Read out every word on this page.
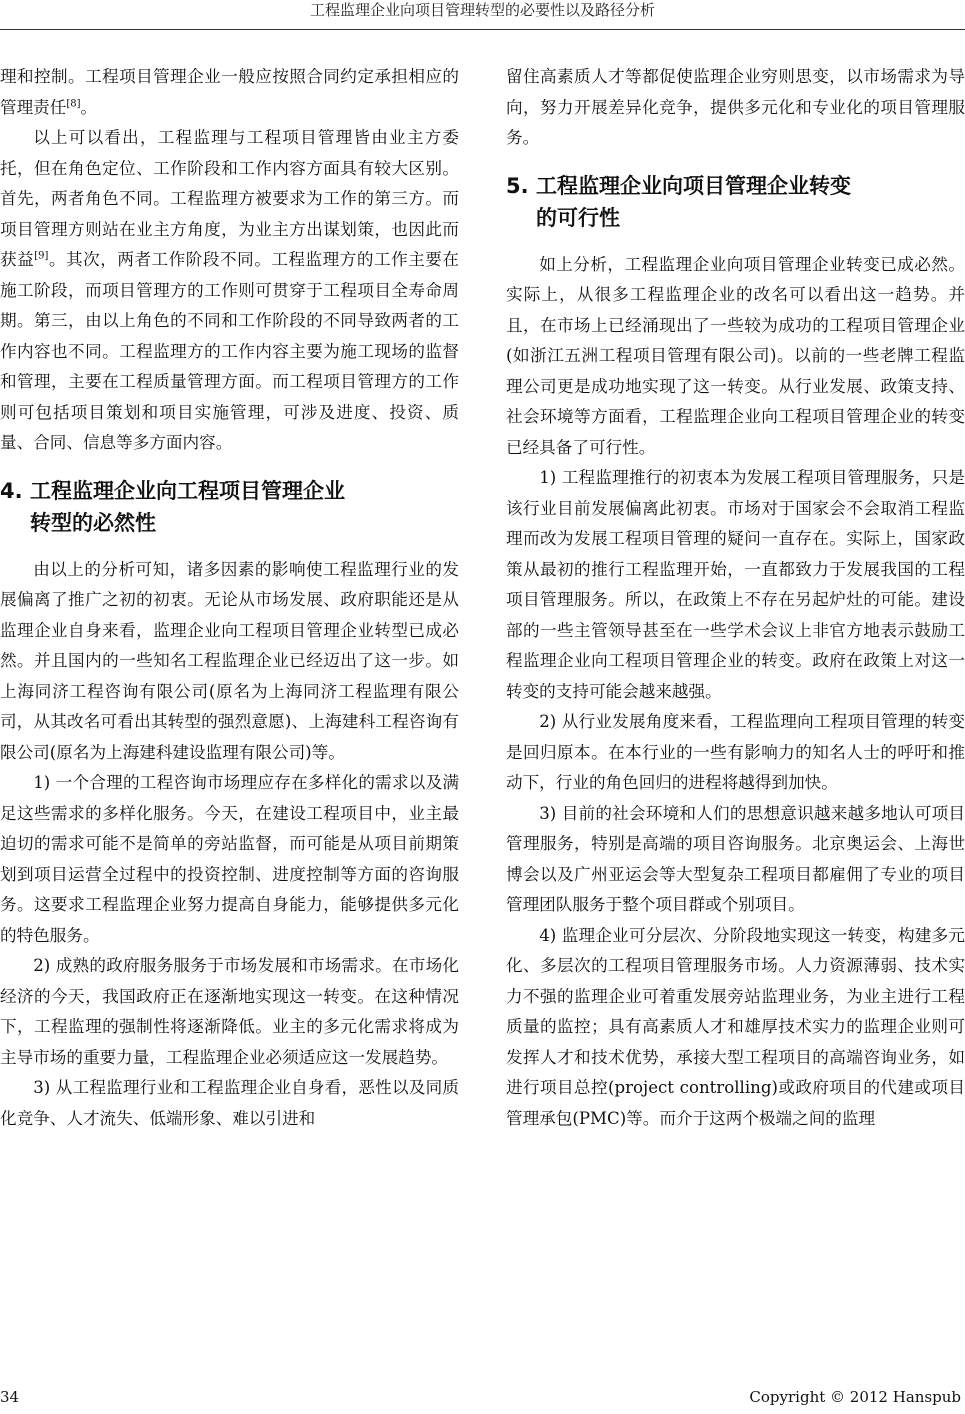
工程监理企业向项目管理转型的必要性以及路径分析

理和控制。工程项目管理企业一般应按照合同约定承担相应的管理责任[8]。

以上可以看出，工程监理与工程项目管理皆由业主方委托，但在角色定位、工作阶段和工作内容方面具有较大区别。首先，两者角色不同。工程监理方被要求为工作的第三方。而项目管理方则站在业主方角度，为业主方出谋划策，也因此而获益[9]。其次，两者工作阶段不同。工程监理方的工作主要在施工阶段，而项目管理方的工作则可贯穿于工程项目全寿命周期。第三，由以上角色的不同和工作阶段的不同导致两者的工作内容也不同。工程监理方的工作内容主要为施工现场的监督和管理，主要在工程质量管理方面。而工程项目管理方的工作则可包括项目策划和项目实施管理，可涉及进度、投资、质量、合同、信息等多方面内容。

4. 工程监理企业向工程项目管理企业
转型的必然性

由以上的分析可知，诸多因素的影响使工程监理行业的发展偏离了推广之初的初衷。无论从市场发展、政府职能还是从监理企业自身来看，监理企业向工程项目管理企业转型已成必然。并且国内的一些知名工程监理企业已经迈出了这一步。如上海同济工程咨询有限公司(原名为上海同济工程监理有限公司，从其改名可看出其转型的强烈意愿)、上海建科工程咨询有限公司(原名为上海建科建设监理有限公司)等。

1) 一个合理的工程咨询市场理应存在多样化的需求以及满足这些需求的多样化服务。今天，在建设工程项目中，业主最迫切的需求可能不是简单的旁站监督，而可能是从项目前期策划到项目运营全过程中的投资控制、进度控制等方面的咨询服务。这要求工程监理企业努力提高自身能力，能够提供多元化的特色服务。

2) 成熟的政府服务服务于市场发展和市场需求。在市场化经济的今天，我国政府正在逐渐地实现这一转变。在这种情况下，工程监理的强制性将逐渐降低。业主的多元化需求将成为主导市场的重要力量，工程监理企业必须适应这一发展趋势。

3) 从工程监理行业和工程监理企业自身看，恶性以及同质化竞争、人才流失、低端形象、难以引进和

留住高素质人才等都促使监理企业穷则思变，以市场需求为导向，努力开展差异化竞争，提供多元化和专业化的项目管理服务。

5. 工程监理企业向项目管理企业转变
的可行性

如上分析，工程监理企业向项目管理企业转变已成必然。实际上，从很多工程监理企业的改名可以看出这一趋势。并且，在市场上已经涌现出了一些较为成功的工程项目管理企业(如浙江五洲工程项目管理有限公司)。以前的一些老牌工程监理公司更是成功地实现了这一转变。从行业发展、政策支持、社会环境等方面看，工程监理企业向工程项目管理企业的转变已经具备了可行性。

1) 工程监理推行的初衷本为发展工程项目管理服务，只是该行业目前发展偏离此初衷。市场对于国家会不会取消工程监理而改为发展工程项目管理的疑问一直存在。实际上，国家政策从最初的推行工程监理开始，一直都致力于发展我国的工程项目管理服务。所以，在政策上不存在另起炉灶的可能。建设部的一些主管领导甚至在一些学术会议上非官方地表示鼓励工程监理企业向工程项目管理企业的转变。政府在政策上对这一转变的支持可能会越来越强。

2) 从行业发展角度来看，工程监理向工程项目管理的转变是回归原本。在本行业的一些有影响力的知名人士的呼吁和推动下，行业的角色回归的进程将越得到加快。

3) 目前的社会环境和人们的思想意识越来越多地认可项目管理服务，特别是高端的项目咨询服务。北京奥运会、上海世博会以及广州亚运会等大型复杂工程项目都雇佣了专业的项目管理团队服务于整个项目群或个别项目。

4) 监理企业可分层次、分阶段地实现这一转变，构建多元化、多层次的工程项目管理服务市场。人力资源薄弱、技术实力不强的监理企业可着重发展旁站监理业务，为业主进行工程质量的监控；具有高素质人才和雄厚技术实力的监理企业则可发挥人才和技术优势，承接大型工程项目的高端咨询业务，如进行项目总控(project controlling)或政府项目的代建或项目管理承包(PMC)等。而介于这两个极端之间的监理

34	Copyright © 2012 Hanspub
